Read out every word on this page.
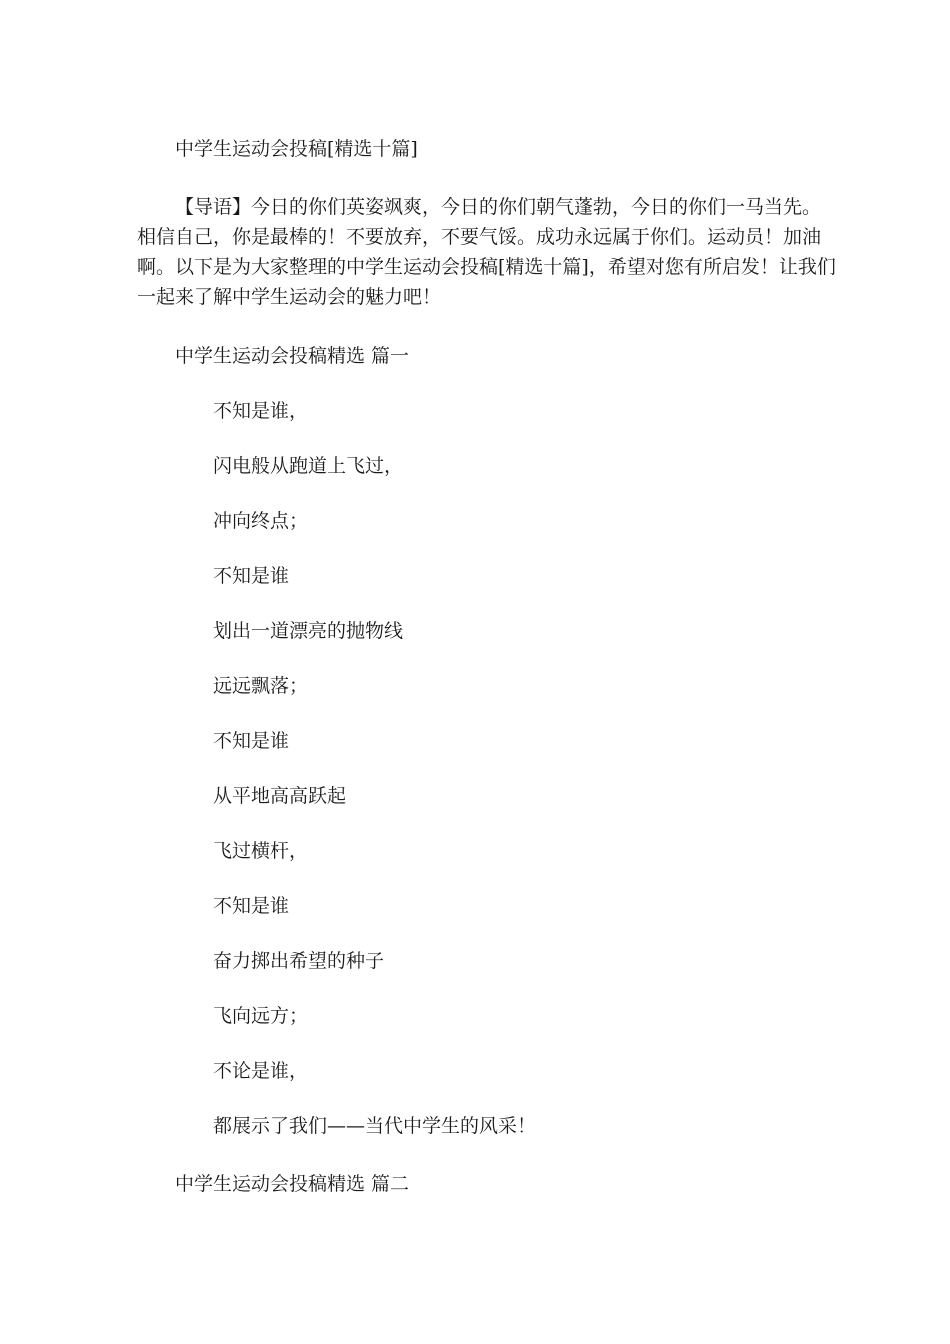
中学生运动会投稿[精选十篇]

【导语】今日的你们英姿飒爽，今日的你们朝气蓬勃，今日的你们一马当先。相信自己，你是最棒的！不要放弃，不要气馁。成功永远属于你们。运动员！加油啊。以下是为大家整理的中学生运动会投稿[精选十篇]，希望对您有所启发！让我们一起来了解中学生运动会的魅力吧！

中学生运动会投稿精选 篇一
不知是谁，
闪电般从跑道上飞过，
冲向终点；
不知是谁
划出一道漂亮的抛物线
远远飘落；
不知是谁
从平地高高跃起
飞过横杆，
不知是谁
奋力掷出希望的种子
飞向远方；
不论是谁，
都展示了我们——当代中学生的风采！
中学生运动会投稿精选 篇二
